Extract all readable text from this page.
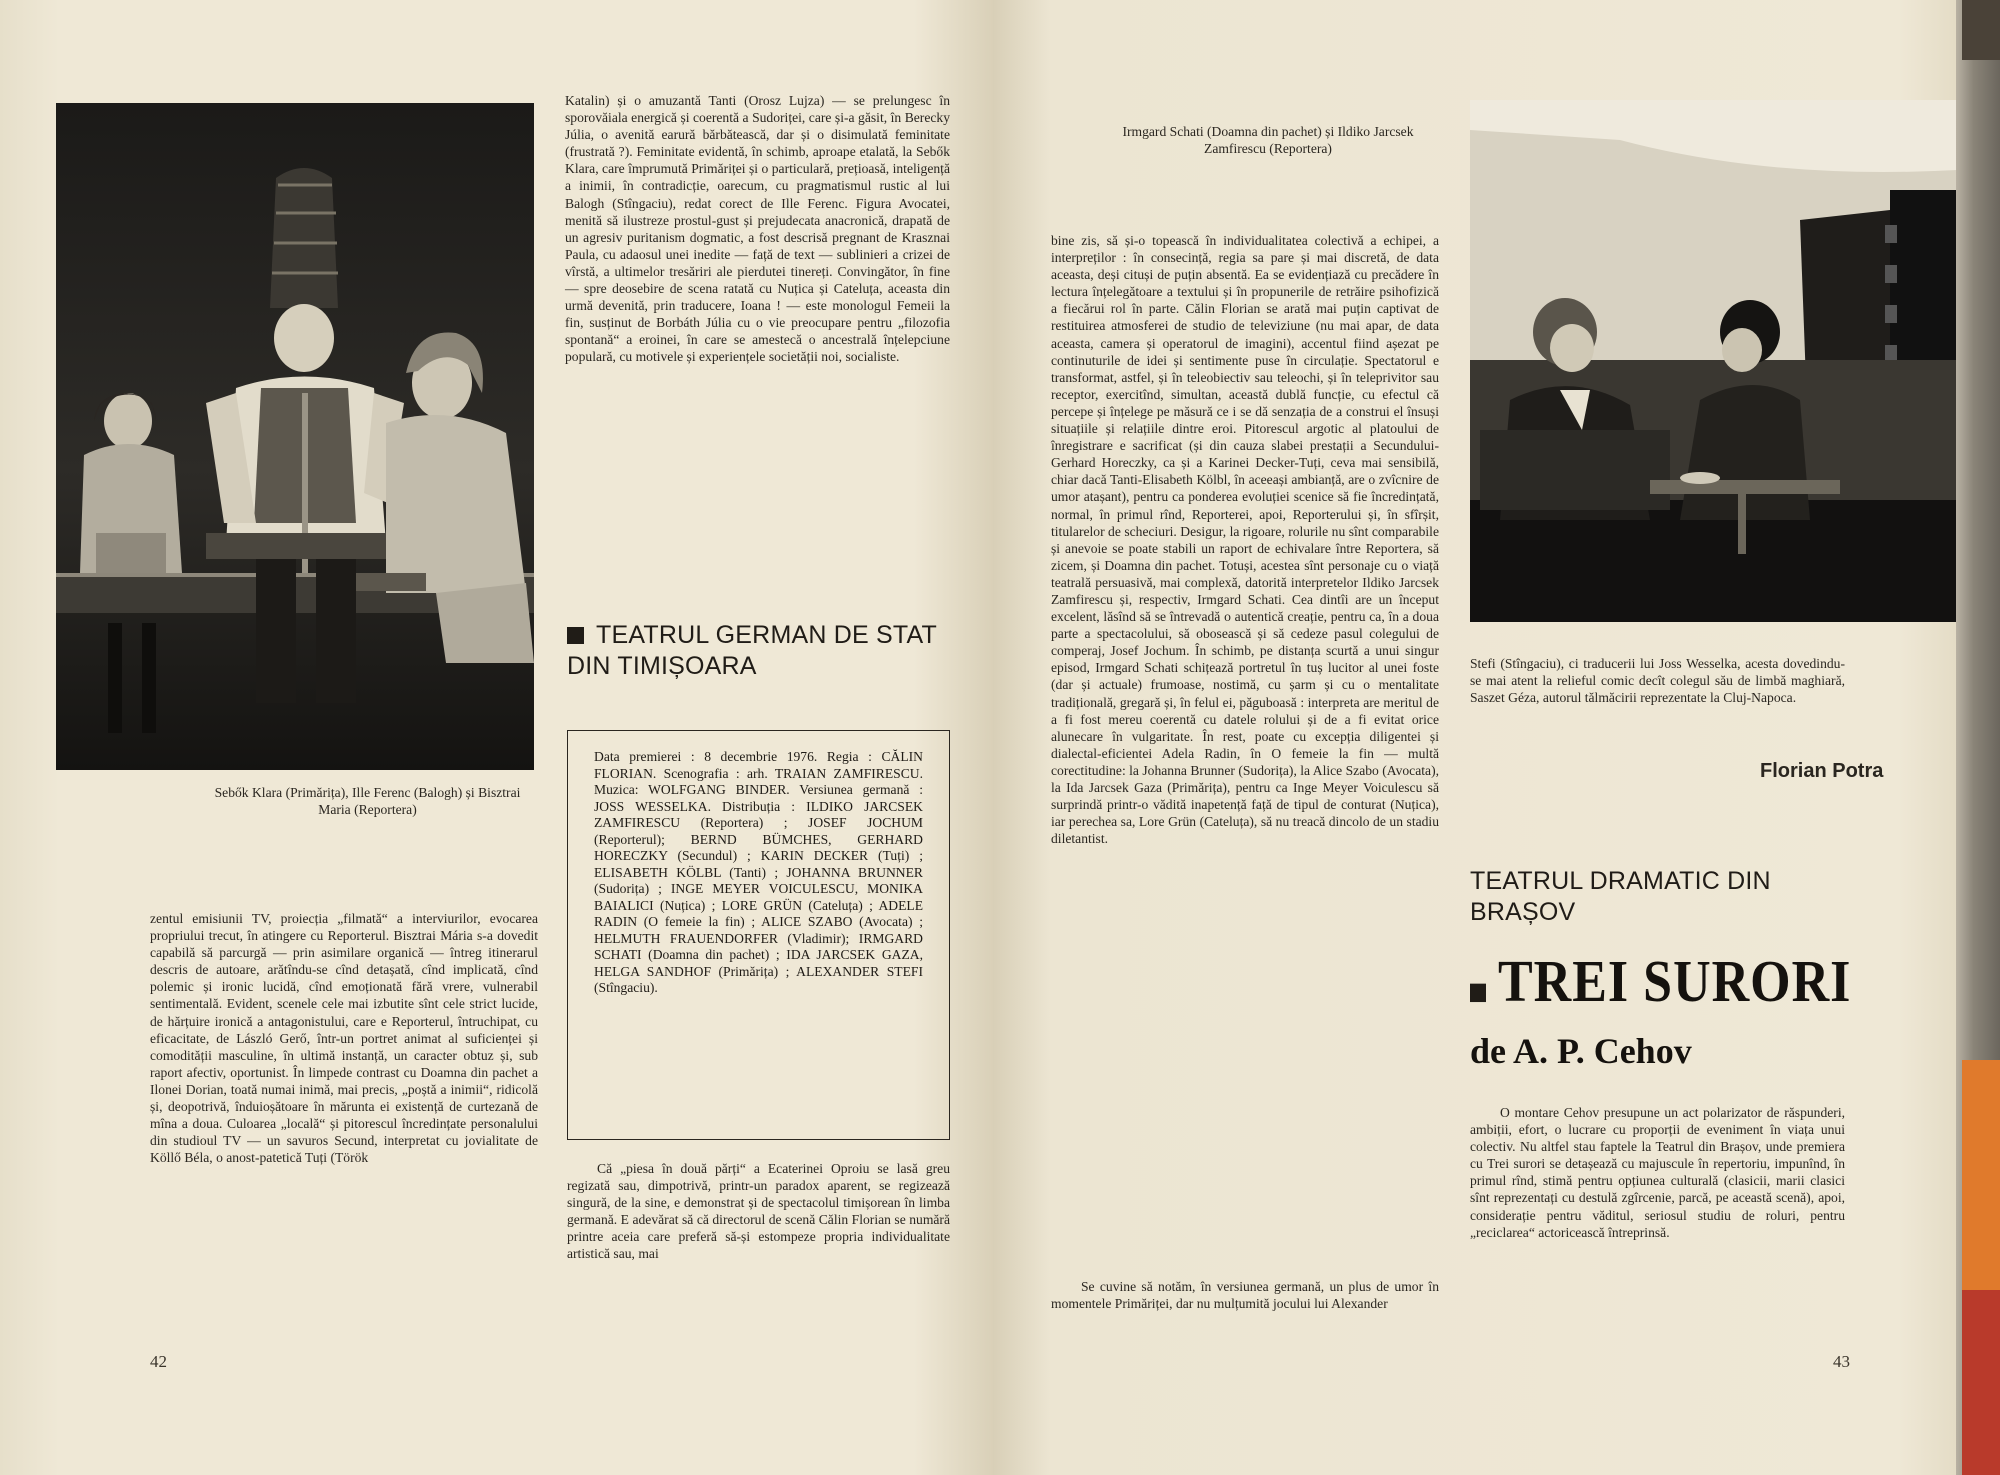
Sebők Klara (Primărița), Ille Ferenc (Balogh) și Bisztrai Maria (Reportera)
zentul emisiunii TV, proiecția „filmată“ a interviurilor, evocarea propriului trecut, în atingere cu Reporterul. Bisztrai Mária s-a dovedit capabilă să parcurgă — prin asimilare organică — întreg itinerarul descris de autoare, arătîndu-se cînd detașată, cînd implicată, cînd polemic și ironic lucidă, cînd emoționată fără vrere, vulnerabil sentimentală. Evident, scenele cele mai izbutite sînt cele strict lucide, de hărțuire ironică a antagonistului, care e Reporterul, întruchipat, cu eficacitate, de László Gerő, într-un portret animat al suficienței și comodității masculine, în ultimă instanță, un caracter obtuz și, sub raport afectiv, oportunist. În limpede contrast cu Doamna din pachet a Ilonei Dorian, toată numai inimă, mai precis, „poștă a inimii“, ridicolă și, deopotrivă, înduioșătoare în mărunta ei existență de curtezană de mîna a doua. Culoarea „locală“ și pitorescul încredințate personalului din studioul TV — un savuros Secund, interpretat cu jovialitate de Köllő Béla, o anost-patetică Tuți (Török
Katalin) și o amuzantă Tanti (Orosz Lujza) — se prelungesc în sporovăiala energică și coerentă a Sudoriței, care și-a găsit, în Berecky Júlia, o avenită earură bărbătească, dar și o disimulată feminitate (frustrată ?). Feminitate evidentă, în schimb, aproape etalată, la Sebők Klara, care împrumută Primăriței și o particulară, prețioasă, inteligență a inimii, în contradicție, oarecum, cu pragmatismul rustic al lui Balogh (Stîngaciu), redat corect de Ille Ferenc. Figura Avocatei, menită să ilustreze prostul-gust și prejudecata anacronică, drapată de un agresiv puritanism dogmatic, a fost descrisă pregnant de Krasznai Paula, cu adaosul unei inedite — față de text — sublinieri a crizei de vîrstă, a ultimelor tresăriri ale pierdutei tinereți. Convingător, în fine — spre deosebire de scena ratată cu Nuțica și Cateluța, aceasta din urmă devenită, prin traducere, Ioana ! — este monologul Femeii la fin, susținut de Borbáth Júlia cu o vie preocupare pentru „filozofia spontană“ a eroinei, în care se amestecă o ancestrală înțelepciune populară, cu motivele și experiențele societății noi, socialiste.
TEATRUL GERMAN DE STAT DIN TIMIȘOARA
Data premierei : 8 decembrie 1976. Regia : CĂLIN FLORIAN. Scenografia : arh. TRAIAN ZAMFIRESCU. Muzica: WOLFGANG BINDER. Versiunea germană : JOSS WESSELKA. Distribuția : ILDIKO JARCSEK ZAMFIRESCU (Reportera) ; JOSEF JOCHUM (Reporterul); BERND BÜMCHES, GERHARD HORECZKY (Secundul) ; KARIN DECKER (Tuți) ; ELISABETH KÖLBL (Tanti) ; JOHANNA BRUNNER (Sudorița) ; INGE MEYER VOICULESCU, MONIKA BAIALICI (Nuțica) ; LORE GRÜN (Cateluța) ; ADELE RADIN (O femeie la fin) ; ALICE SZABO (Avocata) ; HELMUTH FRAUENDORFER (Vladimir); IRMGARD SCHATI (Doamna din pachet) ; IDA JARCSEK GAZA, HELGA SANDHOF (Primărița) ; ALEXANDER STEFI (Stîngaciu).
Că „piesa în două părți“ a Ecaterinei Oproiu se lasă greu regizată sau, dimpotrivă, printr-un paradox aparent, se regizează singură, de la sine, e demonstrat și de spectacolul timișorean în limba germană. E adevărat să că directorul de scenă Călin Florian se numără printre aceia care preferă să-și estompeze propria individualitate artistică sau, mai
42
Irmgard Schati (Doamna din pachet) și Ildiko Jarcsek Zamfirescu (Reportera)
bine zis, să și-o topească în individualitatea colectivă a echipei, a interpreților : în consecință, regia sa pare și mai discretă, de data aceasta, deși cituși de puțin absentă. Ea se evidențiază cu precădere în lectura înțelegătoare a textului și în propunerile de retrăire psihofizică a fiecărui rol în parte. Călin Florian se arată mai puțin captivat de restituirea atmosferei de studio de televiziune (nu mai apar, de data aceasta, camera și operatorul de imagini), accentul fiind așezat pe continuturile de idei și sentimente puse în circulație. Spectatorul e transformat, astfel, și în teleobiectiv sau teleochi, și în teleprivitor sau receptor, exercitînd, simultan, această dublă funcție, cu efectul că percepe și înțelege pe măsură ce i se dă senzația de a construi el însuși situațiile și relațiile dintre eroi. Pitorescul argotic al platoului de înregistrare e sacrificat (și din cauza slabei prestații a Secundului-Gerhard Horeczky, ca și a Karinei Decker-Tuți, ceva mai sensibilă, chiar dacă Tanti-Elisabeth Kölbl, în aceeași ambianță, are o zvîcnire de umor atașant), pentru ca ponderea evoluției scenice să fie încredințată, normal, în primul rînd, Reporterei, apoi, Reporterului și, în sfîrșit, titularelor de scheciuri. Desigur, la rigoare, rolurile nu sînt comparabile și anevoie se poate stabili un raport de echivalare între Reportera, să zicem, și Doamna din pachet. Totuși, acestea sînt personaje cu o viață teatrală persuasivă, mai complexă, datorită interpretelor Ildiko Jarcsek Zamfirescu și, respectiv, Irmgard Schati. Cea dintîi are un început excelent, lăsînd să se întrevadă o autentică creație, pentru ca, în a doua parte a spectacolului, să obosească și să cedeze pasul colegului de comperaj, Josef Jochum. În schimb, pe distanța scurtă a unui singur episod, Irmgard Schati schițează portretul în tuș lucitor al unei foste (dar și actuale) frumoase, nostimă, cu șarm și cu o mentalitate tradițională, gregară și, în felul ei, păguboasă : interpreta are meritul de a fi fost mereu coerentă cu datele rolului și de a fi evitat orice alunecare în vulgaritate. În rest, poate cu excepția diligentei și dialectal-eficientei Adela Radin, în O femeie la fin — multă corectitudine: la Johanna Brunner (Sudorița), la Alice Szabo (Avocata), la Ida Jarcsek Gaza (Primărița), pentru ca Inge Meyer Voiculescu să surprindă printr-o vădită inapetență față de tipul de conturat (Nuțica), iar perechea sa, Lore Grün (Cateluța), să nu treacă dincolo de un stadiu diletantist.
Se cuvine să notăm, în versiunea germană, un plus de umor în momentele Primăriței, dar nu mulțumită jocului lui Alexander
Stefi (Stîngaciu), ci traducerii lui Joss Wesselka, acesta dovedindu-se mai atent la relieful comic decît colegul său de limbă maghiară, Saszet Géza, autorul tălmăcirii reprezentate la Cluj-Napoca.
Florian Potra
TEATRUL DRAMATIC DIN BRAȘOV
TREI SURORI
de A. P. Cehov
O montare Cehov presupune un act polarizator de răspunderi, ambiții, efort, o lucrare cu proporții de eveniment în viața unui colectiv. Nu altfel stau faptele la Teatrul din Brașov, unde premiera cu Trei surori se detașează cu majuscule în repertoriu, impunînd, în primul rînd, stimă pentru opțiunea culturală (clasicii, marii clasici sînt reprezentați cu destulă zgîrcenie, parcă, pe această scenă), apoi, considerație pentru văditul, seriosul studiu de roluri, pentru „reciclarea“ actoricească întreprinsă.
43
